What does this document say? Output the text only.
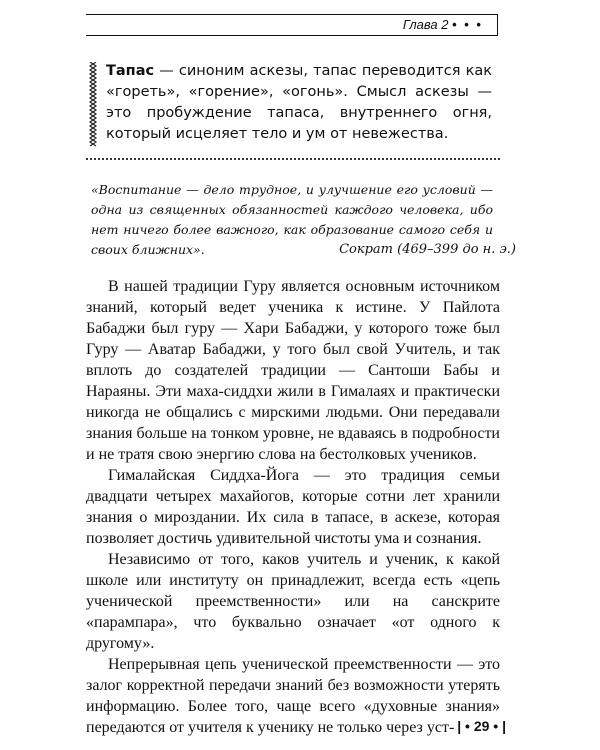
Глава 2 • • •

Тапас — синоним аскезы, тапас переводится как «гореть», «горение», «огонь». Смысл аскезы — это пробуждение тапаса, внутреннего огня, который исцеляет тело и ум от невежества.

«Воспитание — дело трудное, и улучшение его условий — одна из священных обязанностей каждого человека, ибо нет ничего более важного, как образование самого себя и своих ближних».	Сократ (469–399 до н. э.)

В нашей традиции Гуру является основным источником знаний, который ведет ученика к истине. У Пайлота Бабаджи был гуру — Хари Бабаджи, у которого тоже был Гуру — Аватар Бабаджи, у того был свой Учитель, и так вплоть до создателей традиции — Сантоши Бабы и Нараяны. Эти маха-сиддхи жили в Гималаях и практически никогда не общались с мирскими людьми. Они передавали знания больше на тонком уровне, не вдаваясь в подробности и не тратя свою энергию слова на бестолковых учеников.

Гималайская Сиддха-Йога — это традиция семьи двадцати четырех махайогов, которые сотни лет хранили знания о мироздании. Их сила в тапасе, в аскезе, которая позволяет достичь удивительной чистоты ума и сознания.

Независимо от того, каков учитель и ученик, к какой школе или институту он принадлежит, всегда есть «цепь ученической преемственности» или на санскрите «парампара», что буквально означает «от одного к другому».

Непрерывная цепь ученической преемственности — это залог корректной передачи знаний без возможности утерять информацию. Более того, чаще всего «духовные знания» передаются от учителя к ученику не только через уст- | • 29 • |
